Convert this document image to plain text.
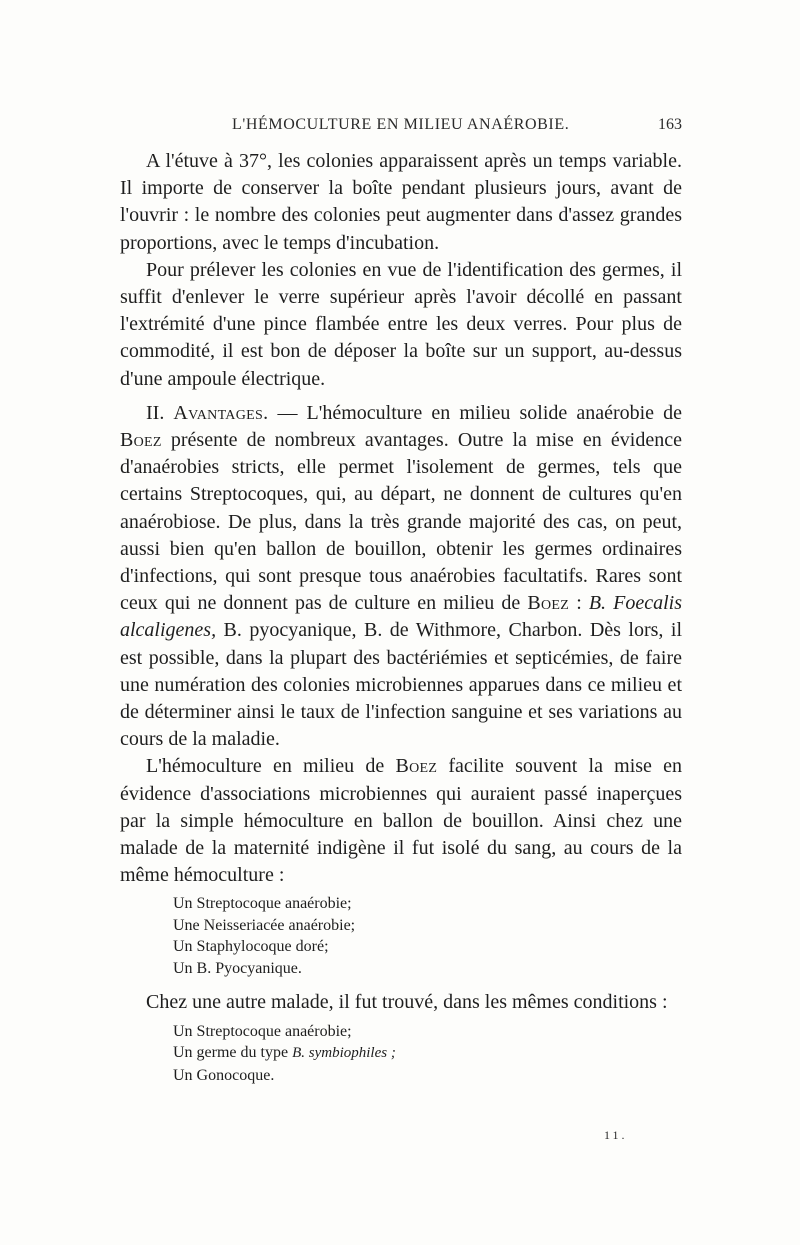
L'HÉMOCULTURE EN MILIEU ANAÉROBIE.	163

A l'étuve à 37°, les colonies apparaissent après un temps variable. Il importe de conserver la boîte pendant plusieurs jours, avant de l'ouvrir : le nombre des colonies peut augmenter dans d'assez grandes proportions, avec le temps d'incubation.

Pour prélever les colonies en vue de l'identification des germes, il suffit d'enlever le verre supérieur après l'avoir décollé en passant l'extrémité d'une pince flambée entre les deux verres. Pour plus de commodité, il est bon de déposer la boîte sur un support, au-dessus d'une ampoule électrique.

II. Avantages. — L'hémoculture en milieu solide anaérobie de Boez présente de nombreux avantages. Outre la mise en évidence d'anaérobies stricts, elle permet l'isolement de germes, tels que certains Streptocoques, qui, au départ, ne donnent de cultures qu'en anaérobiose. De plus, dans la très grande majorité des cas, on peut, aussi bien qu'en ballon de bouillon, obtenir les germes ordinaires d'infections, qui sont presque tous anaérobies facultatifs. Rares sont ceux qui ne donnent pas de culture en milieu de Boez : B. Foecalis alcaligenes, B. pyocyanique, B. de Withmore, Charbon. Dès lors, il est possible, dans la plupart des bactériémies et septicémies, de faire une numération des colonies microbiennes apparues dans ce milieu et de déterminer ainsi le taux de l'infection sanguine et ses variations au cours de la maladie.

L'hémoculture en milieu de Boez facilite souvent la mise en évidence d'associations microbiennes qui auraient passé inaperçues par la simple hémoculture en ballon de bouillon. Ainsi chez une malade de la maternité indigène il fut isolé du sang, au cours de la même hémoculture :

Un Streptocoque anaérobie;
Une Neisseriacée anaérobie;
Un Staphylocoque doré;
Un B. Pyocyanique.

Chez une autre malade, il fut trouvé, dans les mêmes conditions :

Un Streptocoque anaérobie;
Un germe du type B. symbiophiles ;
Un Gonocoque.
11.
